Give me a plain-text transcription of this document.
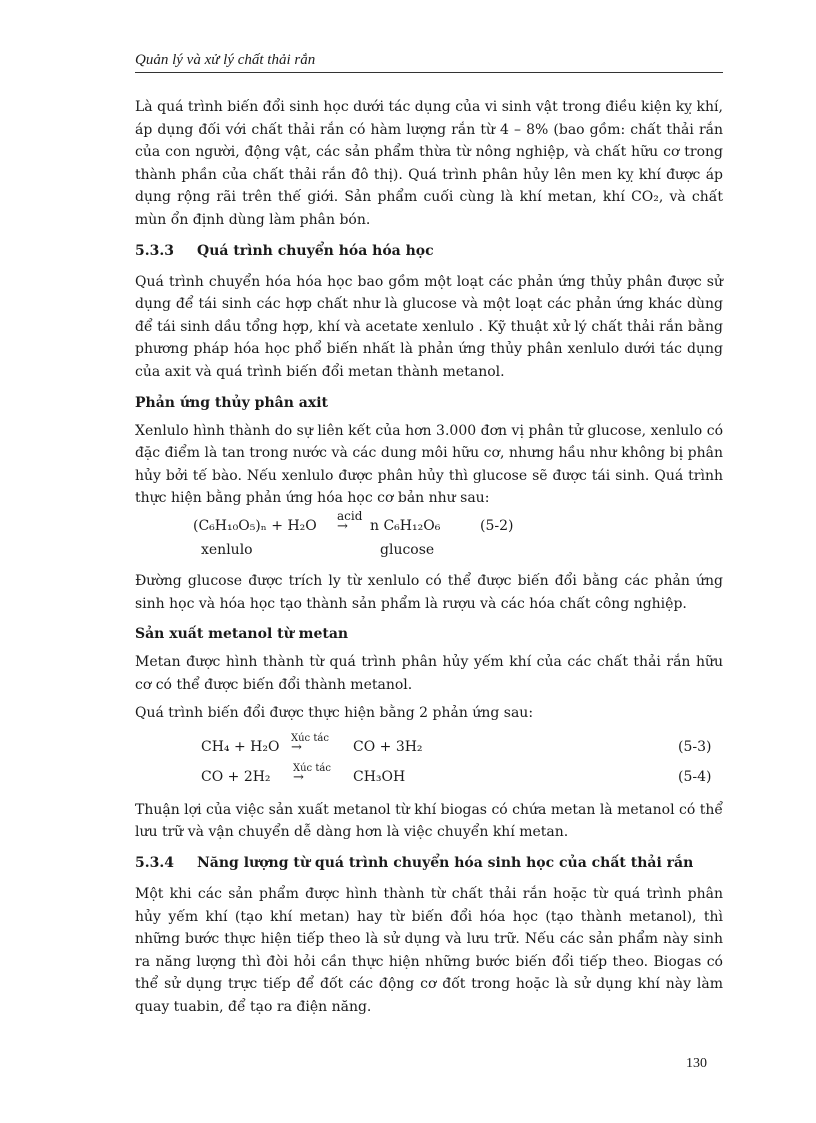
Quản lý và xử lý chất thải rắn

Là quá trình biến đổi sinh học dưới tác dụng của vi sinh vật trong điều kiện kỵ khí, áp dụng đối với chất thải rắn có hàm lượng rắn từ 4 – 8% (bao gồm: chất thải rắn của con người, động vật, các sản phẩm thừa từ nông nghiệp, và chất hữu cơ trong thành phần của chất thải rắn đô thị). Quá trình phân hủy lên men kỵ khí được áp dụng rộng rãi trên thế giới. Sản phẩm cuối cùng là khí metan, khí CO₂, và chất mùn ổn định dùng làm phân bón.

5.3.3 Quá trình chuyển hóa hóa học

Quá trình chuyển hóa hóa học bao gồm một loạt các phản ứng thủy phân được sử dụng để tái sinh các hợp chất như là glucose và một loạt các phản ứng khác dùng để tái sinh dầu tổng hợp, khí và acetate xenlulo . Kỹ thuật xử lý chất thải rắn bằng phương pháp hóa học phổ biến nhất là phản ứng thủy phân xenlulo dưới tác dụng của axit và quá trình biến đổi metan thành metanol.

Phản ứng thủy phân axit

Xenlulo hình thành do sự liên kết của hơn 3.000 đơn vị phân tử glucose, xenlulo có đặc điểm là tan trong nước và các dung môi hữu cơ, nhưng hầu như không bị phân hủy bởi tế bào. Nếu xenlulo được phân hủy thì glucose sẽ được tái sinh. Quá trình thực hiện bằng phản ứng hóa học cơ bản như sau:

(C₆H₁₀O₅)ₙ + H₂O
acid
→ n C₆H₁₂O₆	(5-2)
xenlulo	glucose

Đường glucose được trích ly từ xenlulo có thể được biến đổi bằng các phản ứng sinh học và hóa học tạo thành sản phẩm là rượu và các hóa chất công nghiệp.

Sản xuất metanol từ metan

Metan được hình thành từ quá trình phân hủy yếm khí của các chất thải rắn hữu cơ có thể được biến đổi thành metanol.

Quá trình biến đổi được thực hiện bằng 2 phản ứng sau:

CH₄ + H₂O
Xúc tác
→	CO + 3H₂	(5-3)
CO + 2H₂
Xúc tác
→	CH₃OH	(5-4)

Thuận lợi của việc sản xuất metanol từ khí biogas có chứa metan là metanol có thể lưu trữ và vận chuyển dễ dàng hơn là việc chuyển khí metan.

5.3.4 Năng lượng từ quá trình chuyển hóa sinh học của chất thải rắn

Một khi các sản phẩm được hình thành từ chất thải rắn hoặc từ quá trình phân hủy yếm khí (tạo khí metan) hay từ biến đổi hóa học (tạo thành metanol), thì những bước thực hiện tiếp theo là sử dụng và lưu trữ. Nếu các sản phẩm này sinh ra năng lượng thì đòi hỏi cần thực hiện những bước biến đổi tiếp theo. Biogas có thể sử dụng trực tiếp để đốt các động cơ đốt trong hoặc là sử dụng khí này làm quay tuabin, để tạo ra điện năng.

130
